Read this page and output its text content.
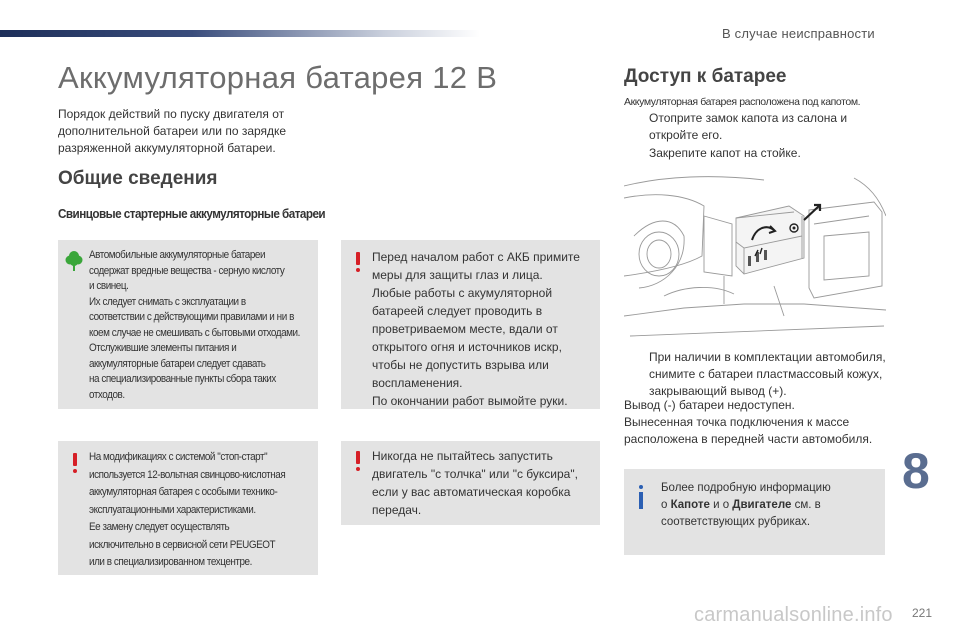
В случае неисправности
Аккумуляторная батарея 12 В

Порядок действий по пуску двигателя от дополнительной батареи или по зарядке разряженной аккумуляторной батареи.

Общие сведения
Свинцовые стартерные аккумуляторные батареи
Автомобильные аккумуляторные батареи
содержат вредные вещества - серную кислоту
и свинец.
Их следует снимать с эксплуатации в
соответствии с действующими правилами и ни в
коем случае не смешивать с бытовыми отходами.
Отслужившие элементы питания и
аккумуляторные батареи следует сдавать
на специализированные пункты сбора таких
отходов.
Перед началом работ с АКБ примите
меры для защиты глаз и лица.
Любые работы с акумуляторной
батареей следует проводить в
проветриваемом месте, вдали от
открытого огня и источников искр,
чтобы не допустить взрыва или
воспламенения.
По окончании работ вымойте руки.
На модификациях с системой "стоп-старт"
используется 12-вольтная свинцово-кислотная
аккумуляторная батарея с особыми технико-
эксплуатационными характеристиками.
Ее замену следует осуществлять
исключительно в сервисной сети PEUGEOT
или в специализированном техцентре.
Никогда не пытайтесь запустить
двигатель "с толчка" или "с буксира",
если у вас автоматическая коробка
передач.
Доступ к батарее
Аккумуляторная батарея расположена под капотом.
Отоприте замок капота из салона и откройте его.
Закрепите капот на стойке.
При наличии в комплектации автомобиля, снимите с батареи пластмассовый кожух, закрывающий вывод (+).
Вывод (-) батареи недоступен.
Вынесенная точка подключения к массе расположена в передней части автомобиля.
Более подробную информацию
о Капоте и о Двигателе см. в
соответствующих рубриках.
8
carmanualsonline.info 221
